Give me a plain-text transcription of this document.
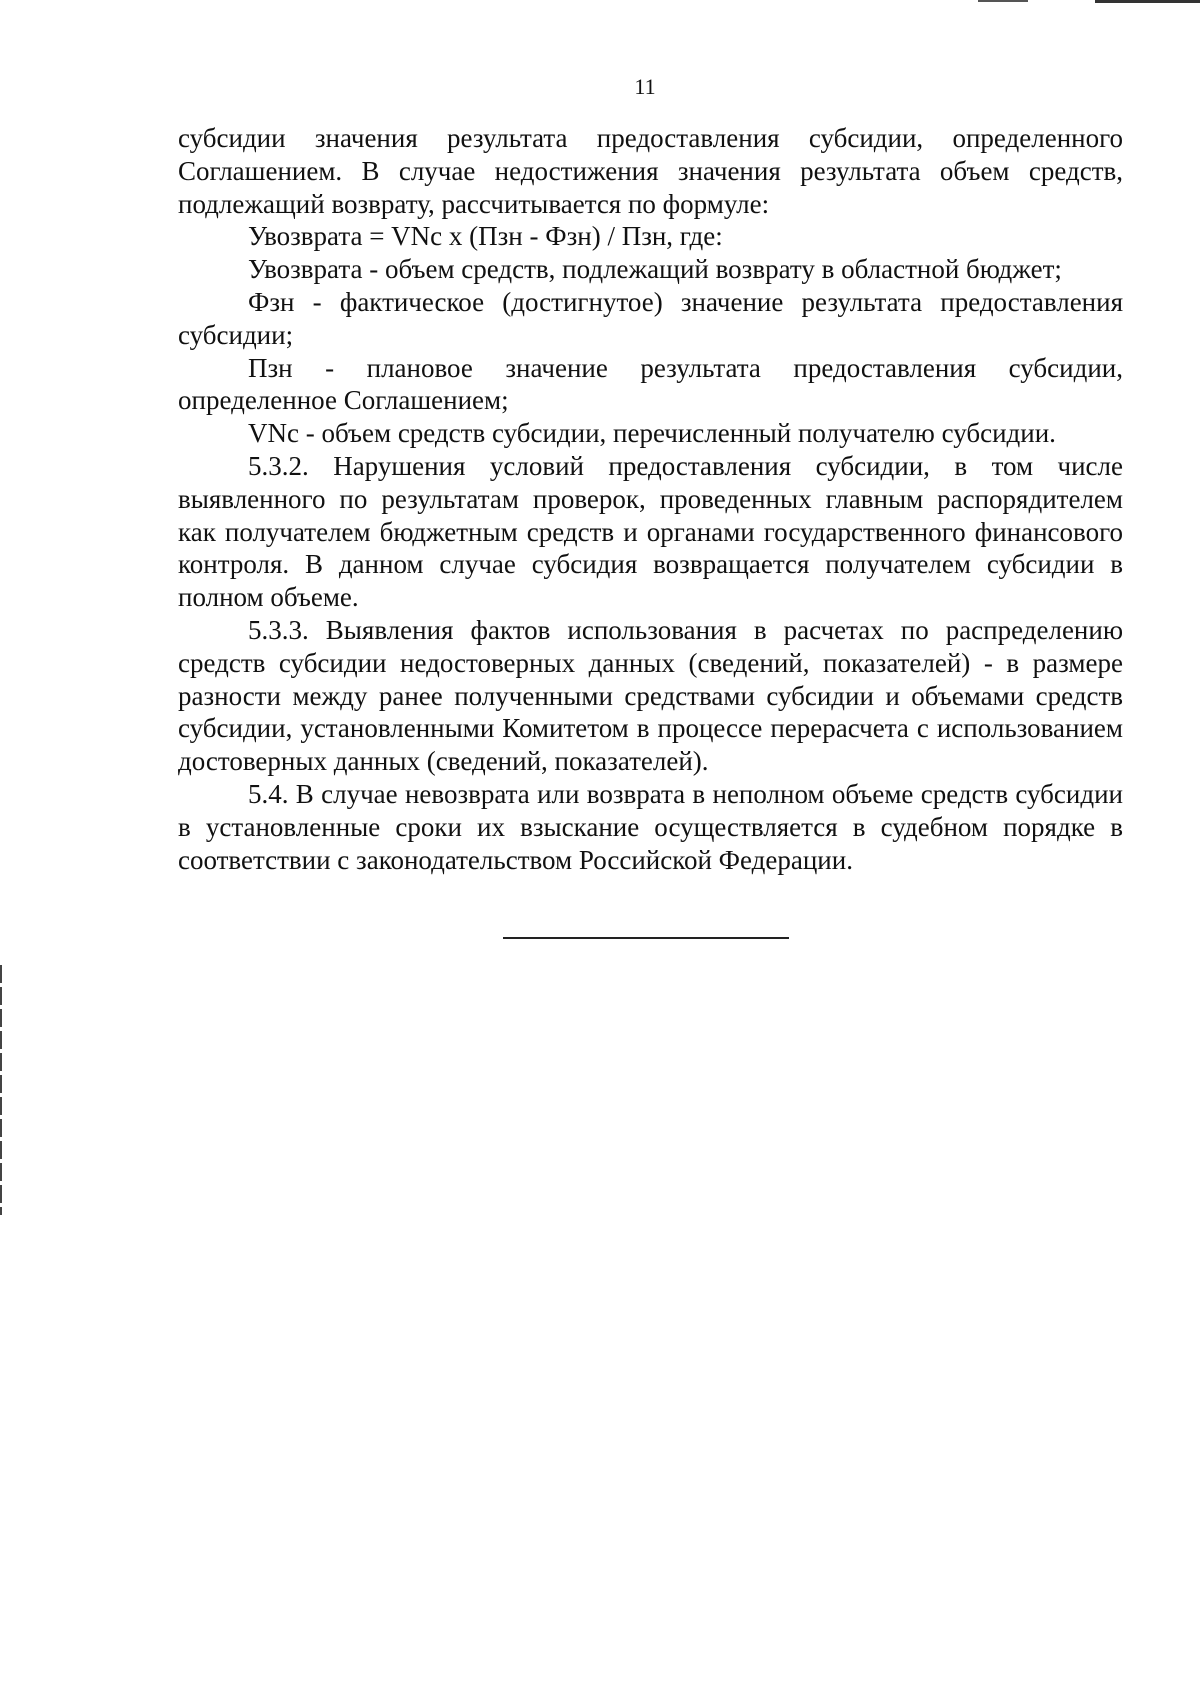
11

субсидии значения результата предоставления субсидии, определенного Соглашением. В случае недостижения значения результата объем средств, подлежащий возврату, рассчитывается по формуле:

Увозврата = VNc x (Пзн - Фзн) / Пзн, где:

Увозврата - объем средств, подлежащий возврату в областной бюджет;

Фзн - фактическое (достигнутое) значение результата предоставления субсидии;

Пзн - плановое значение результата предоставления субсидии, определенное Соглашением;

VNc - объем средств субсидии, перечисленный получателю субсидии.

5.3.2. Нарушения условий предоставления субсидии, в том числе выявленного по результатам проверок, проведенных главным распорядителем как получателем бюджетным средств и органами государственного финансового контроля. В данном случае субсидия возвращается получателем субсидии в полном объеме.

5.3.3. Выявления фактов использования в расчетах по распределению средств субсидии недостоверных данных (сведений, показателей) - в размере разности между ранее полученными средствами субсидии и объемами средств субсидии, установленными Комитетом в процессе перерасчета с использованием достоверных данных (сведений, показателей).

5.4. В случае невозврата или возврата в неполном объеме средств субсидии в установленные сроки их взыскание осуществляется в судебном порядке в соответствии с законодательством Российской Федерации.
